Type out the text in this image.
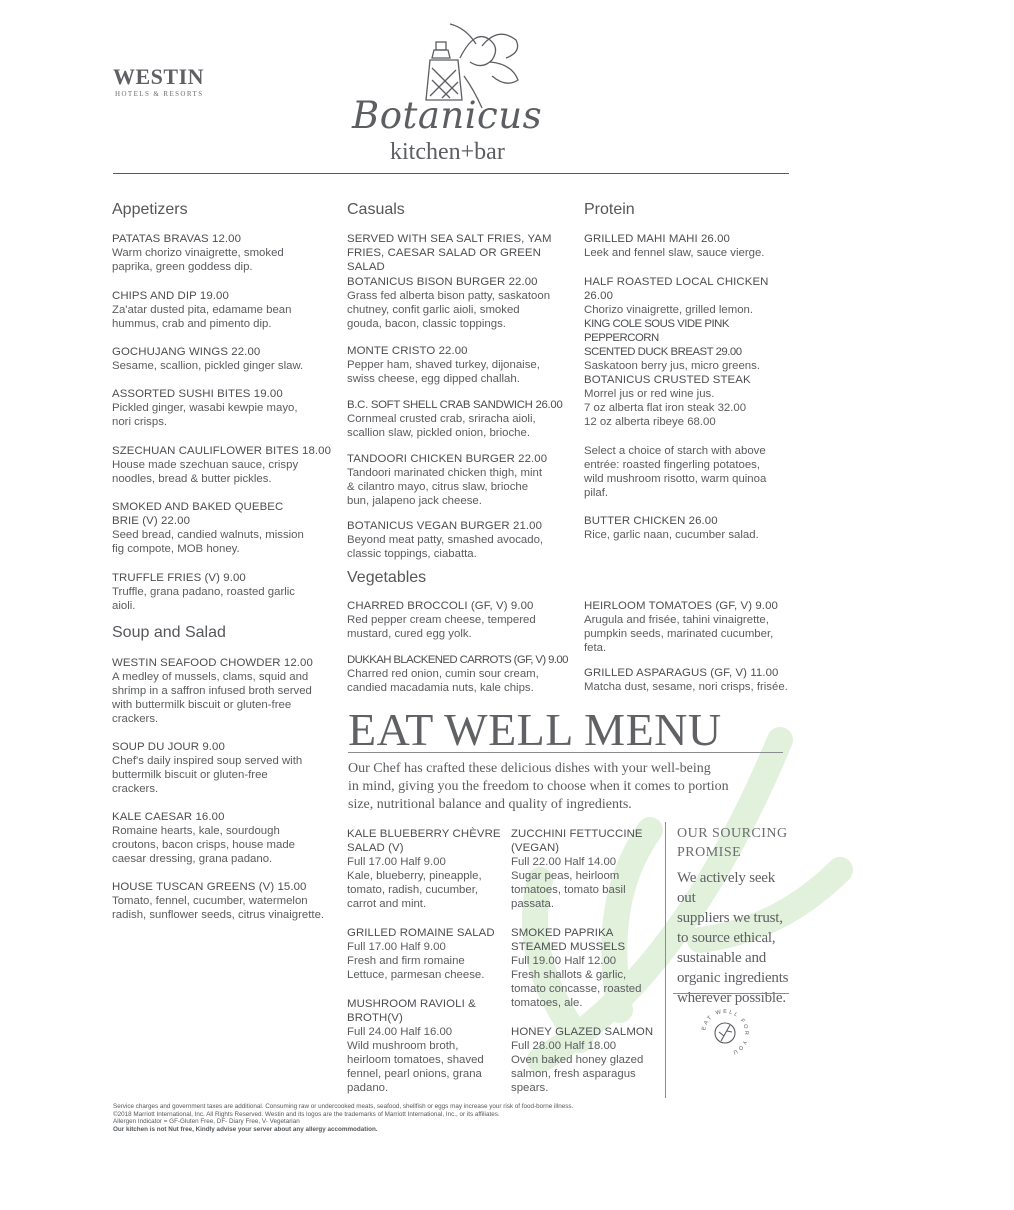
WESTIN
HOTELS & RESORTS	Botanicus
kitchen+bar
Appetizers
PATATAS BRAVAS 12.00
Warm chorizo vinaigrette, smoked
paprika, green goddess dip.
CHIPS AND DIP 19.00
Za'atar dusted pita, edamame bean
hummus, crab and pimento dip.
GOCHUJANG WINGS 22.00
Sesame, scallion, pickled ginger slaw.
ASSORTED SUSHI BITES 19.00
Pickled ginger, wasabi kewpie mayo,
nori crisps.
SZECHUAN CAULIFLOWER BITES 18.00
House made szechuan sauce, crispy
noodles, bread & butter pickles.
SMOKED AND BAKED QUEBEC
BRIE (V) 22.00
Seed bread, candied walnuts, mission
fig compote, MOB honey.
TRUFFLE FRIES (V) 9.00
Truffle, grana padano, roasted garlic
aioli.
Soup and Salad
WESTIN SEAFOOD CHOWDER 12.00
A medley of mussels, clams, squid and
shrimp in a saffron infused broth served
with buttermilk biscuit or gluten-free
crackers.
SOUP DU JOUR 9.00
Chef's daily inspired soup served with
buttermilk biscuit or gluten-free
crackers.
KALE CAESAR 16.00
Romaine hearts, kale, sourdough
croutons, bacon crisps, house made
caesar dressing, grana padano.
HOUSE TUSCAN GREENS (V) 15.00
Tomato, fennel, cucumber, watermelon
radish, sunflower seeds, citrus vinaigrette.
Casuals
SERVED WITH SEA SALT FRIES, YAM
FRIES, CAESAR SALAD OR GREEN SALAD
BOTANICUS BISON BURGER 22.00
Grass fed alberta bison patty, saskatoon
chutney, confit garlic aioli, smoked
gouda, bacon, classic toppings.
MONTE CRISTO 22.00
Pepper ham, shaved turkey, dijonaise,
swiss cheese, egg dipped challah.
B.C. SOFT SHELL CRAB SANDWICH 26.00
Cornmeal crusted crab, sriracha aioli,
scallion slaw, pickled onion, brioche.
TANDOORI CHICKEN BURGER 22.00
Tandoori marinated chicken thigh, mint
& cilantro mayo, citrus slaw, brioche
bun, jalapeno jack cheese.
BOTANICUS VEGAN BURGER 21.00
Beyond meat patty, smashed avocado,
classic toppings, ciabatta.
Protein
GRILLED MAHI MAHI 26.00
Leek and fennel slaw, sauce vierge.
HALF ROASTED LOCAL CHICKEN 26.00
Chorizo vinaigrette, grilled lemon.
KING COLE SOUS VIDE PINK PEPPERCORN
SCENTED DUCK BREAST 29.00
Saskatoon berry jus, micro greens.
BOTANICUS CRUSTED STEAK
Morrel jus or red wine jus.
7 oz alberta flat iron steak 32.00
12 oz alberta ribeye 68.00
Select a choice of starch with above
entrée: roasted fingerling potatoes,
wild mushroom risotto, warm quinoa
pilaf.
BUTTER CHICKEN 26.00
Rice, garlic naan, cucumber salad.
Vegetables
CHARRED BROCCOLI (GF, V) 9.00
Red pepper cream cheese, tempered
mustard, cured egg yolk.
DUKKAH BLACKENED CARROTS (GF, V) 9.00
Charred red onion, cumin sour cream,
candied macadamia nuts, kale chips.
HEIRLOOM TOMATOES (GF, V) 9.00
Arugula and frisée, tahini vinaigrette,
pumpkin seeds, marinated cucumber,
feta.
GRILLED ASPARAGUS (GF, V) 11.00
Matcha dust, sesame, nori crisps, frisée.
EAT WELL MENU
Our Chef has crafted these delicious dishes with your well-being
in mind, giving you the freedom to choose when it comes to portion
size, nutritional balance and quality of ingredients.
KALE BLUEBERRY CHÈVRE
SALAD (V)
Full 17.00 Half 9.00
Kale, blueberry, pineapple,
tomato, radish, cucumber,
carrot and mint.
GRILLED ROMAINE SALAD
Full 17.00 Half 9.00
Fresh and firm romaine
Lettuce, parmesan cheese.
MUSHROOM RAVIOLI &
BROTH(V)
Full 24.00 Half 16.00
Wild mushroom broth,
heirloom tomatoes, shaved
fennel, pearl onions, grana
padano.
ZUCCHINI FETTUCCINE
(VEGAN)
Full 22.00 Half 14.00
Sugar peas, heirloom
tomatoes, tomato basil
passata.
SMOKED PAPRIKA
STEAMED MUSSELS
Full 19.00 Half 12.00
Fresh shallots & garlic,
tomato concasse, roasted
tomatoes, ale.
HONEY GLAZED SALMON
Full 28.00 Half 18.00
Oven baked honey glazed
salmon, fresh asparagus
spears.
OUR SOURCING
PROMISE
We actively seek out
suppliers we trust,
to source ethical,
sustainable and
organic ingredients
wherever possible.
EAT WELL FOR YOU
Service charges and government taxes are additional. Consuming raw or undercooked meats, seafood, shellfish or eggs may increase your risk of food-borne illness.
©2018 Marriott International, Inc. All Rights Reserved. Westin and its logos are the trademarks of Marriott International, Inc., or its affiliates.
Allergen Indicator = GF-Gluten Free, DF- Diary Free, V- Vegetarian
Our kitchen is not Nut free, Kindly advise your server about any allergy accommodation.
